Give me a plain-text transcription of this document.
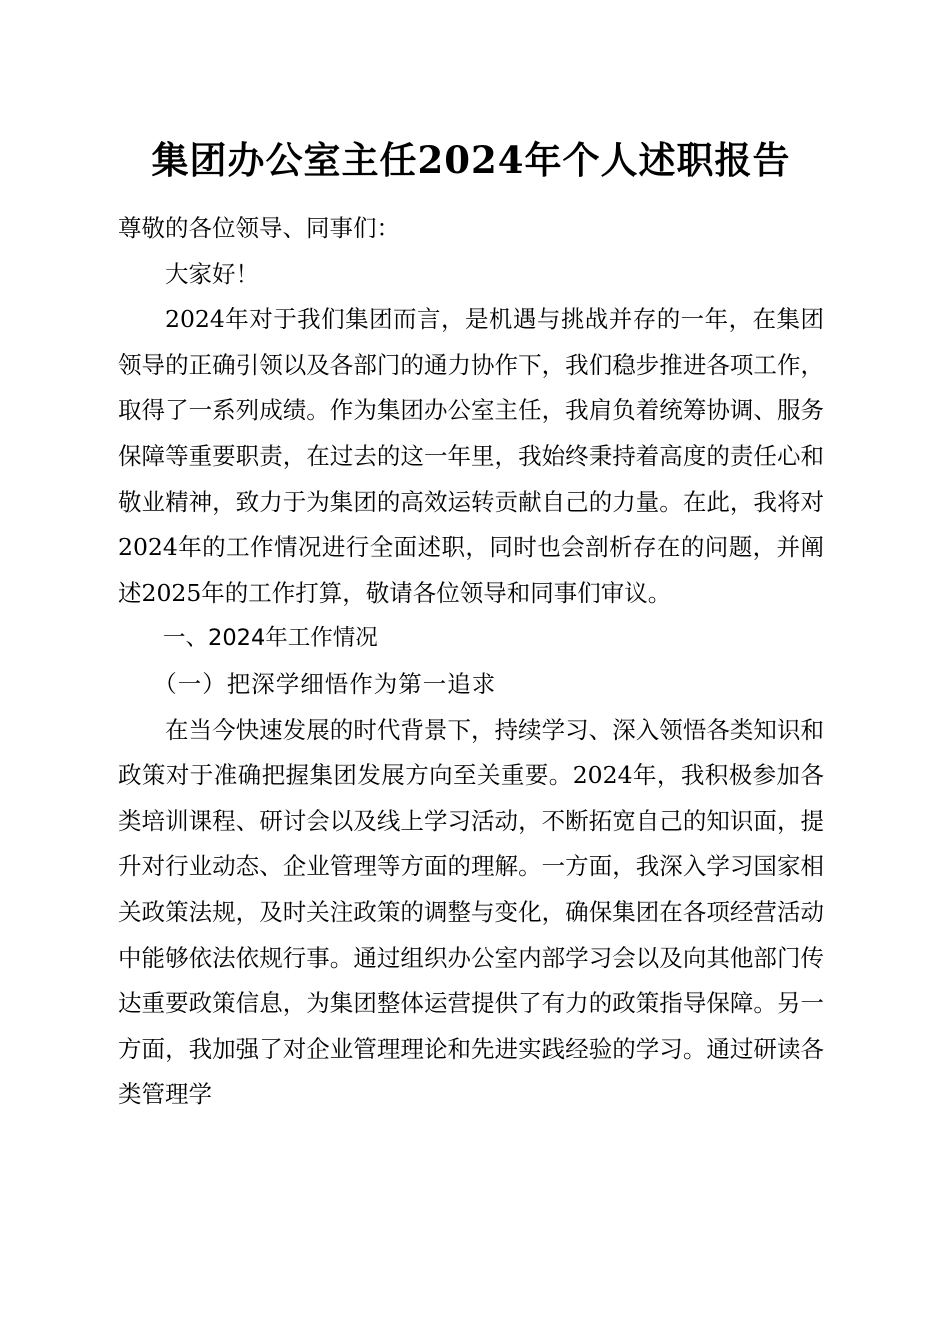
集团办公室主任2024年个人述职报告

尊敬的各位领导、同事们：

大家好！

2024年对于我们集团而言，是机遇与挑战并存的一年，在集团领导的正确引领以及各部门的通力协作下，我们稳步推进各项工作，取得了一系列成绩。作为集团办公室主任，我肩负着统筹协调、服务保障等重要职责，在过去的这一年里，我始终秉持着高度的责任心和敬业精神，致力于为集团的高效运转贡献自己的力量。在此，我将对2024年的工作情况进行全面述职，同时也会剖析存在的问题，并阐述2025年的工作打算，敬请各位领导和同事们审议。

一、2024年工作情况

（一）把深学细悟作为第一追求

在当今快速发展的时代背景下，持续学习、深入领悟各类知识和政策对于准确把握集团发展方向至关重要。2024年，我积极参加各类培训课程、研讨会以及线上学习活动，不断拓宽自己的知识面，提升对行业动态、企业管理等方面的理解。一方面，我深入学习国家相关政策法规，及时关注政策的调整与变化，确保集团在各项经营活动中能够依法依规行事。通过组织办公室内部学习会以及向其他部门传达重要政策信息，为集团整体运营提供了有力的政策指导保障。另一方面，我加强了对企业管理理论和先进实践经验的学习。通过研读各类管理学
